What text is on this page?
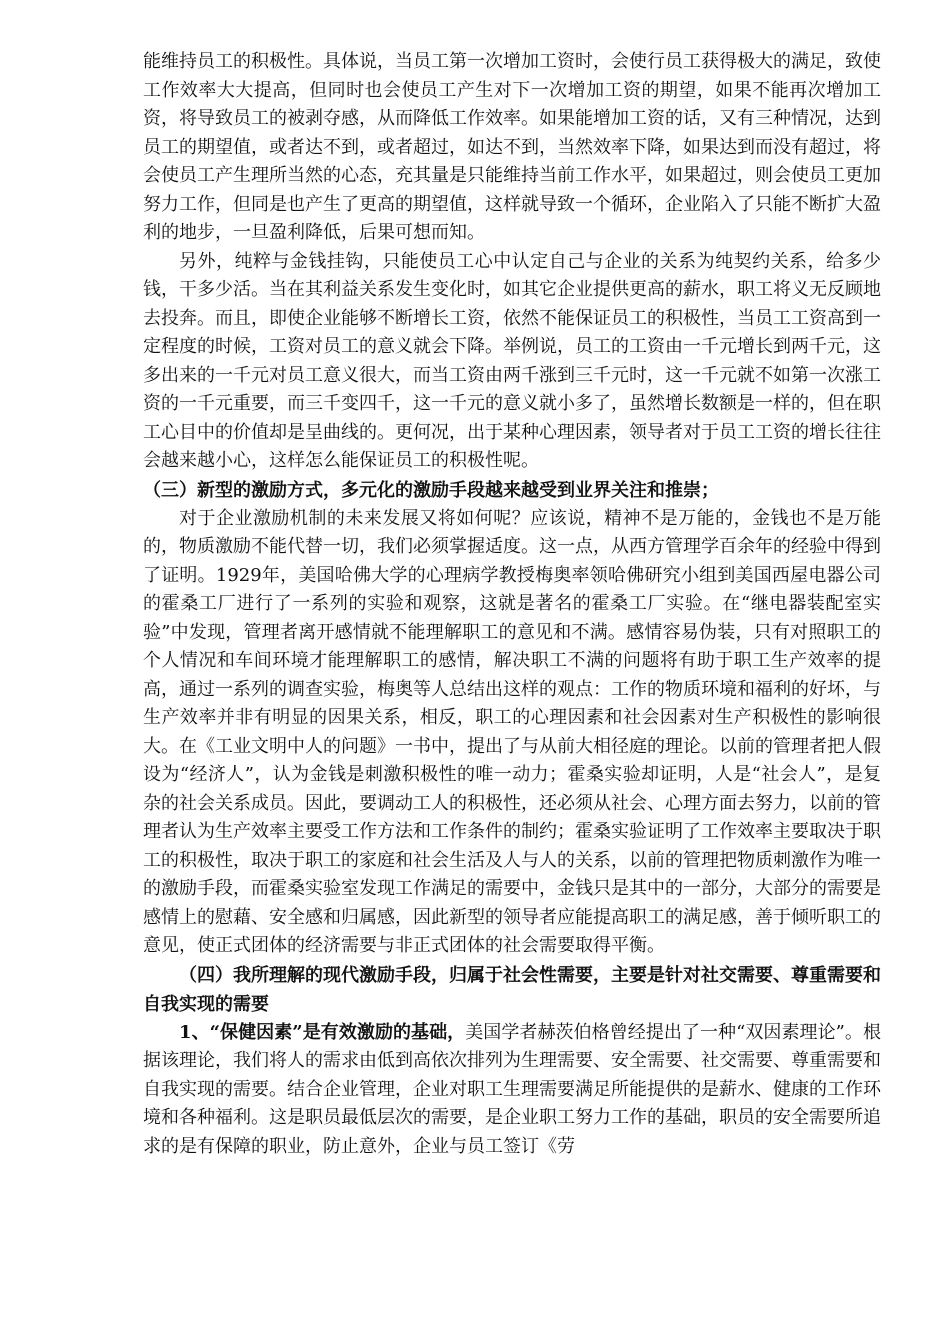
能维持员工的积极性。具体说，当员工第一次增加工资时，会使行员工获得极大的满足，致使工作效率大大提高，但同时也会使员工产生对下一次增加工资的期望，如果不能再次增加工资，将导致员工的被剥夺感，从而降低工作效率。如果能增加工资的话，又有三种情况，达到员工的期望值，或者达不到，或者超过，如达不到，当然效率下降，如果达到而没有超过，将会使员工产生理所当然的心态，充其量是只能维持当前工作水平，如果超过，则会使员工更加努力工作，但同是也产生了更高的期望值，这样就导致一个循环，企业陷入了只能不断扩大盈利的地步，一旦盈利降低，后果可想而知。

另外，纯粹与金钱挂钩，只能使员工心中认定自己与企业的关系为纯契约关系，给多少钱，干多少活。当在其利益关系发生变化时，如其它企业提供更高的薪水，职工将义无反顾地去投奔。而且，即使企业能够不断增长工资，依然不能保证员工的积极性，当员工工资高到一定程度的时候，工资对员工的意义就会下降。举例说，员工的工资由一千元增长到两千元，这多出来的一千元对员工意义很大，而当工资由两千涨到三千元时，这一千元就不如第一次涨工资的一千元重要，而三千变四千，这一千元的意义就小多了，虽然增长数额是一样的，但在职工心目中的价值却是呈曲线的。更何况，出于某种心理因素，领导者对于员工工资的增长往往会越来越小心，这样怎么能保证员工的积极性呢。

（三）新型的激励方式，多元化的激励手段越来越受到业界关注和推崇；

对于企业激励机制的未来发展又将如何呢？应该说，精神不是万能的，金钱也不是万能的，物质激励不能代替一切，我们必须掌握适度。这一点，从西方管理学百余年的经验中得到了证明。1929年，美国哈佛大学的心理病学教授梅奥率领哈佛研究小组到美国西屋电器公司的霍桑工厂进行了一系列的实验和观察，这就是著名的霍桑工厂实验。在“继电器装配室实验”中发现，管理者离开感情就不能理解职工的意见和不满。感情容易伪装，只有对照职工的个人情况和车间环境才能理解职工的感情，解决职工不满的问题将有助于职工生产效率的提高，通过一系列的调查实验，梅奥等人总结出这样的观点：工作的物质环境和福利的好坏，与生产效率并非有明显的因果关系，相反，职工的心理因素和社会因素对生产积极性的影响很大。在《工业文明中人的问题》一书中，提出了与从前大相径庭的理论。以前的管理者把人假设为“经济人”，认为金钱是刺激积极性的唯一动力；霍桑实验却证明，人是“社会人”，是复杂的社会关系成员。因此，要调动工人的积极性，还必须从社会、心理方面去努力，以前的管理者认为生产效率主要受工作方法和工作条件的制约；霍桑实验证明了工作效率主要取决于职工的积极性，取决于职工的家庭和社会生活及人与人的关系，以前的管理把物质刺激作为唯一的激励手段，而霍桑实验室发现工作满足的需要中，金钱只是其中的一部分，大部分的需要是感情上的慰藉、安全感和归属感，因此新型的领导者应能提高职工的满足感，善于倾听职工的意见，使正式团体的经济需要与非正式团体的社会需要取得平衡。

（四）我所理解的现代激励手段，归属于社会性需要，主要是针对社交需要、尊重需要和自我实现的需要

1、“保健因素”是有效激励的基础，美国学者赫茨伯格曾经提出了一种“双因素理论”。根据该理论，我们将人的需求由低到高依次排列为生理需要、安全需要、社交需要、尊重需要和自我实现的需要。结合企业管理，企业对职工生理需要满足所能提供的是薪水、健康的工作环境和各种福利。这是职员最低层次的需要，是企业职工努力工作的基础，职员的安全需要所追求的是有保障的职业，防止意外，企业与员工签订《劳
